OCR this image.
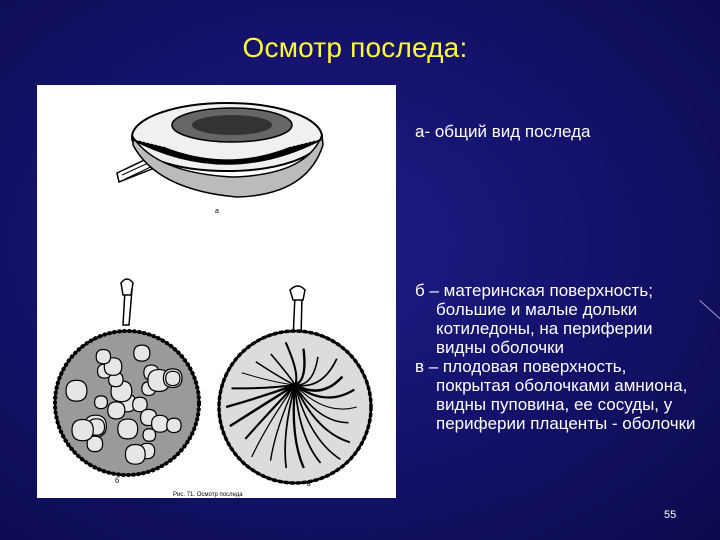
Осмотр последа:
а
б	в
Рис. 71. Осмотр последа

а- общий вид последа

б – материнская поверхность;
большие и малые дольки котиледоны, на периферии видны оболочки

в – плодовая поверхность,
покрытая оболочками амниона, видны пуповина, ее сосуды, у периферии плаценты - оболочки

55
